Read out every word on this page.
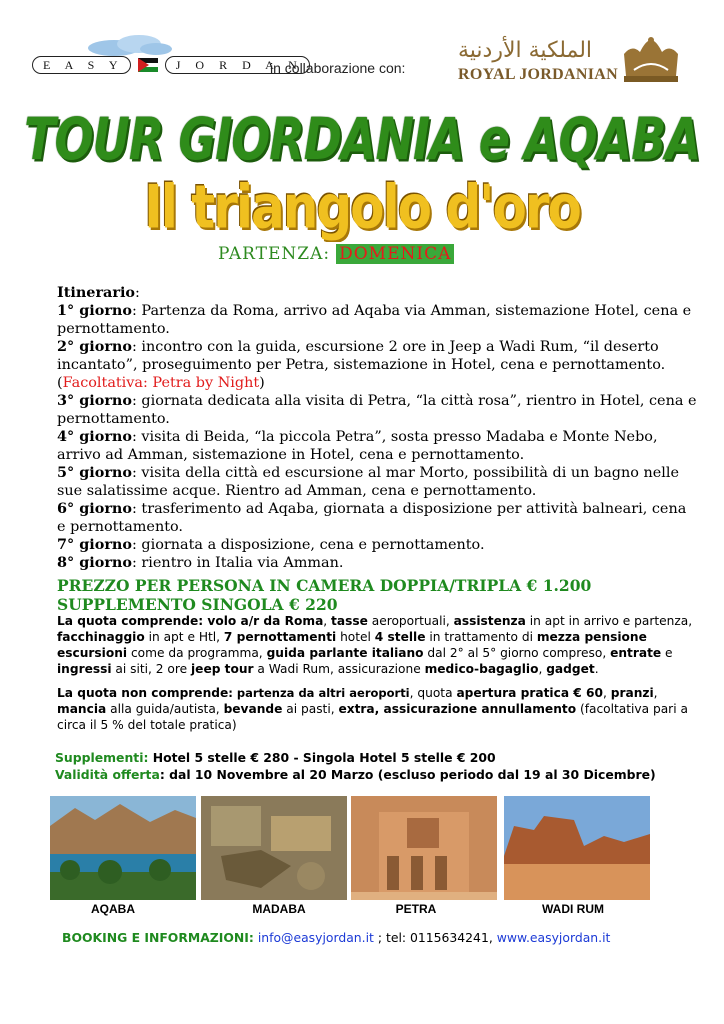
E A S Y	J O R D A N
in collaborazione con:
الملكية الأردنية
ROYAL JORDANIAN
TOUR GIORDANIA e AQABA
Il triangolo d'oro
PARTENZA: DOMENICA

Itinerario:

1° giorno: Partenza da Roma, arrivo ad Aqaba via Amman, sistemazione Hotel, cena e pernottamento.

2° giorno: incontro con la guida, escursione 2 ore in Jeep a Wadi Rum, “il deserto incantato”, proseguimento per Petra, sistemazione in Hotel, cena e pernottamento. (Facoltativa: Petra by Night)

3° giorno: giornata dedicata alla visita di Petra, “la città rosa”, rientro in Hotel, cena e pernottamento.

4° giorno: visita di Beida, “la piccola Petra”, sosta presso Madaba e Monte Nebo, arrivo ad Amman, sistemazione in Hotel, cena e pernottamento.

5° giorno: visita della città ed escursione al mar Morto, possibilità di un bagno nelle sue salatissime acque. Rientro ad Amman, cena e pernottamento.

6° giorno: trasferimento ad Aqaba, giornata a disposizione per attività balneari, cena e pernottamento.

7° giorno: giornata a disposizione, cena e pernottamento.

8° giorno: rientro in Italia via Amman.

PREZZO PER PERSONA IN CAMERA DOPPIA/TRIPLA € 1.200
SUPPLEMENTO SINGOLA € 220
La quota comprende: volo a/r da Roma, tasse aeroportuali, assistenza in apt in arrivo e partenza, facchinaggio in apt e Htl, 7 pernottamenti hotel 4 stelle in trattamento di mezza pensione escursioni come da programma, guida parlante italiano dal 2° al 5° giorno compreso, entrate e ingressi ai siti, 2 ore jeep tour a Wadi Rum, assicurazione medico-bagaglio, gadget.
La quota non comprende: partenza da altri aeroporti, quota apertura pratica € 60, pranzi, mancia alla guida/autista, bevande ai pasti, extra, assicurazione annullamento (facoltativa pari a circa il 5 % del totale pratica)
Supplementi: Hotel 5 stelle € 280 - Singola Hotel 5 stelle € 200
Validità offerta: dal 10 Novembre al 20 Marzo (escluso periodo dal 19 al 30 Dicembre)
AQABA	MADABA	PETRA	WADI RUM
BOOKING E INFORMAZIONI: info@easyjordan.it ; tel: 0115634241, www.easyjordan.it
